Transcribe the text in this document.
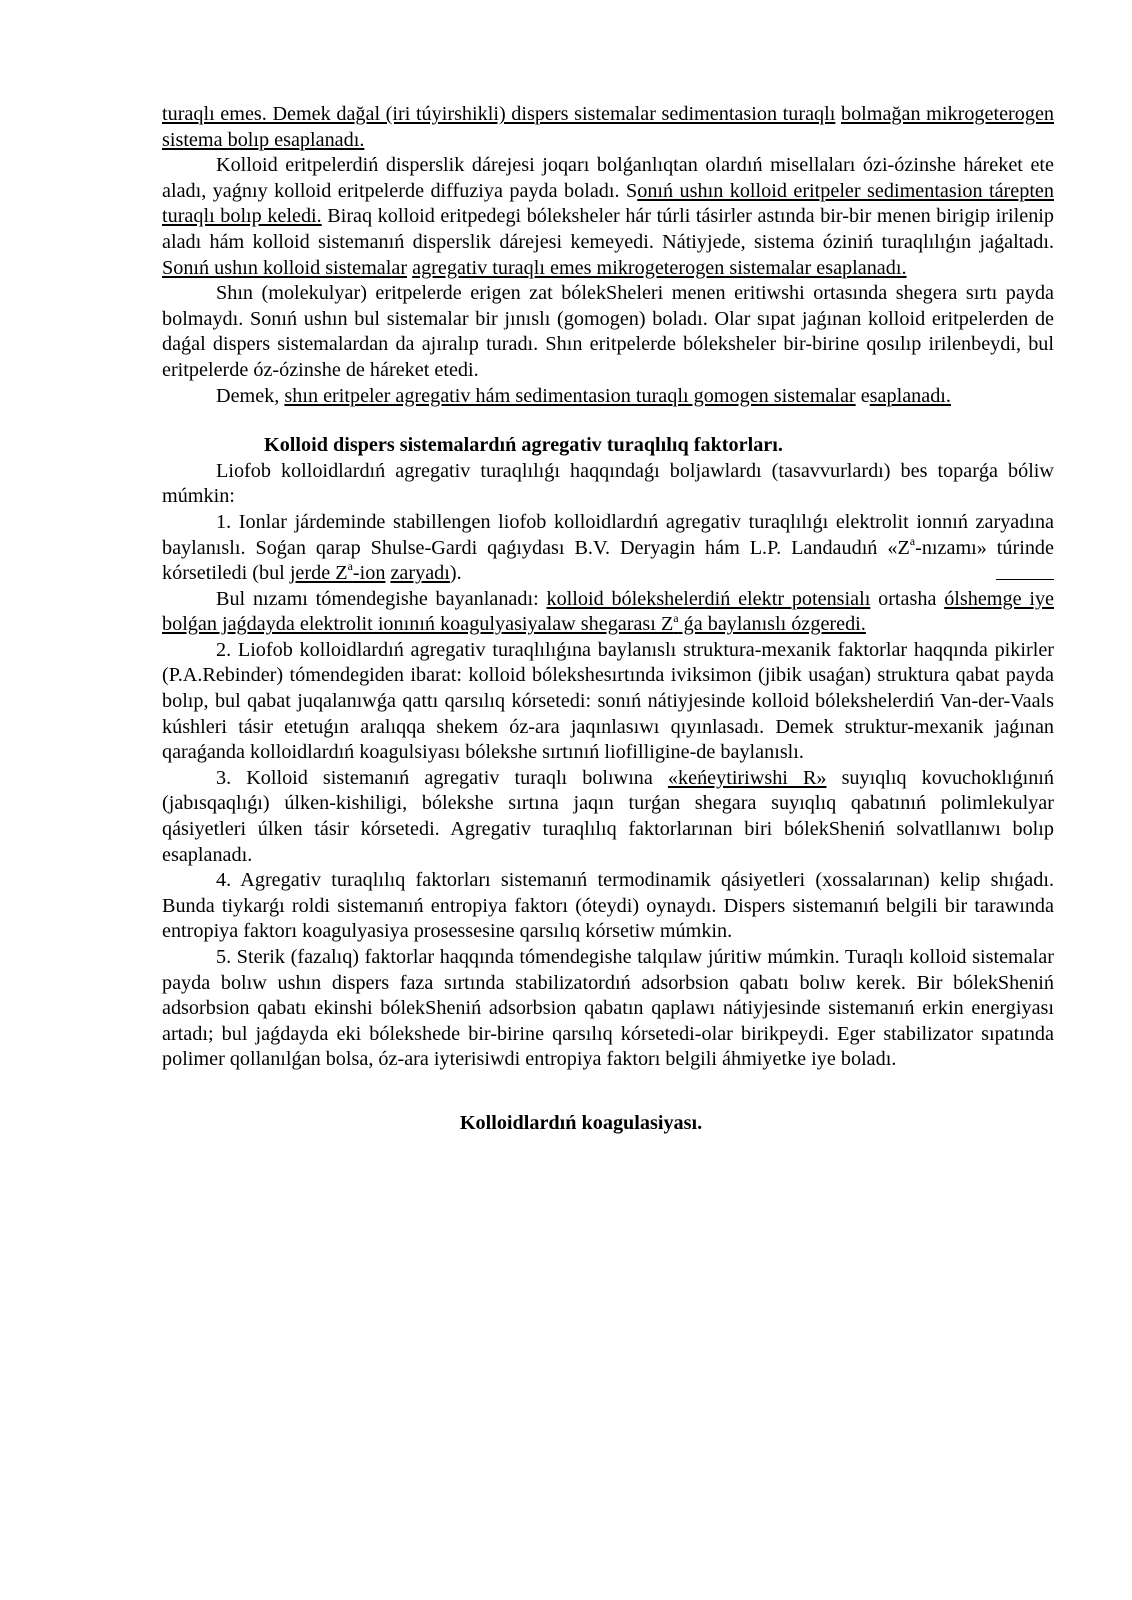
turaqlı emes. Demek dağal (iri túyirshikli) dispers sistemalar sedimentasion turaqlı bolmağan mikrogeterogen sistema bolıp esaplanadı.

Kolloid eritpelerdiń disperslik dárejesi joqarı bolǵanlıqtan olardıń misellaları ózi-ózinshe háreket ete aladı, yaǵnıy kolloid eritpelerde diffuziya payda boladı. Sonıń ushın kolloid eritpeler sedimentasion tárepten turaqlı bolıp keledi. Biraq kolloid eritpedegi bóleksheler hár túrli tásirler astında bir-bir menen birigip irilenip aladı hám kolloid sistemanıń disperslik dárejesi kemeyedi. Nátiyjede, sistema óziniń turaqlılıǵın jaǵaltadı. Sonıń ushın kolloid sistemalar agregativ turaqlı emes mikrogeterogen sistemalar esaplanadı.

Shın (molekulyar) eritpelerde erigen zat bólekSheleri menen eritiwshi ortasında shegera sırtı payda bolmaydı. Sonıń ushın bul sistemalar bir jınıslı (gomogen) boladı. Olar sıpat jaǵınan kolloid eritpelerden de daǵal dispers sistemalardan da ajıralıp turadı. Shın eritpelerde bóleksheler bir-birine qosılıp irilenbeydi, bul eritpelerde óz-ózinshe de háreket etedi.

Demek, shın eritpeler agregativ hám sedimentasion turaqlı gomogen sistemalar esaplanadı.

Kolloid dispers sistemalardıń agregativ turaqlılıq faktorları.

Liofob kolloidlardıń agregativ turaqlılıǵı haqqındaǵı boljawlardı (tasavvurlardı) bes toparǵa bóliw múmkin:

1. Ionlar járdeminde stabillengen liofob kolloidlardıń agregativ turaqlılıǵı elektrolit ionnıń zaryadına baylanıslı. Soǵan qarap Shulse-Gardi qaǵıydası B.V. Deryagin hám L.P. Landaudıń «$Z^a$-nızamı» túrinde kórsetiledi (bul jerde $Z^a$-ion zaryadı).

Bul nızamı tómendegishe bayanlanadı: kolloid bólekshelerdiń elektr potensialı ortasha ólshemge iye bolǵan jaǵdayda elektrolit ionınıń koagulyasiyalaw shegarası $Z^a$ ǵa baylanıslı ózgeredi.

2. Liofob kolloidlardıń agregativ turaqlılıǵına baylanıslı struktura-mexanik faktorlar haqqında pikirler (P.A.Rebinder) tómendegiden ibarat: kolloid bólekshesırtında iviksimon (jibik usaǵan) struktura qabat payda bolıp, bul qabat juqalanıwǵa qattı qarsılıq kórsetedi: sonıń nátiyjesinde kolloid bólekshelerdiń Van-der-Vaals kúshleri tásir etetuǵın aralıqqa shekem óz-ara jaqınlasıwı qıyınlasadı. Demek struktur-mexanik jaǵınan qaraǵanda kolloidlardıń koagulsiyası bólekshe sırtınıń liofilligine-de baylanıslı.

3. Kolloid sistemanıń agregativ turaqlı bolıwına «keńeytiriwshi R» suyıqlıq kovuchoklıǵınıń (jabısqaqlıǵı) úlken-kishiligi, bólekshe sırtına jaqın turǵan shegara suyıqlıq qabatınıń polimlekulyar qásiyetleri úlken tásir kórsetedi. Agregativ turaqlılıq faktorlarınan biri bólekSheniń solvatllanıwı bolıp esaplanadı.

4. Agregativ turaqlılıq faktorları sistemanıń termodinamik qásiyetleri (xossalarınan) kelip shıǵadı. Bunda tiykarǵı roldi sistemanıń entropiya faktorı (óteydi) oynaydı. Dispers sistemanıń belgili bir tarawında entropiya faktorı koagulyasiya prosessesine qarsılıq kórsetiw múmkin.

5. Sterik (fazalıq) faktorlar haqqında tómendegishe talqılaw júritiw múmkin. Turaqlı kolloid sistemalar payda bolıw ushın dispers faza sırtında stabilizatordıń adsorbsion qabatı bolıw kerek. Bir bólekSheniń adsorbsion qabatı ekinshi bólekSheniń adsorbsion qabatın qaplawı nátiyjesinde sistemanıń erkin energiyası artadı; bul jaǵdayda eki bólekshede bir-birine qarsılıq kórsetedi-olar birikpeydi. Eger stabilizator sıpatında polimer qollanılǵan bolsa, óz-ara iyterisiwdi entropiya faktorı belgili áhmiyetke iye boladı.

Kolloidlardıń koagulasiyası.
